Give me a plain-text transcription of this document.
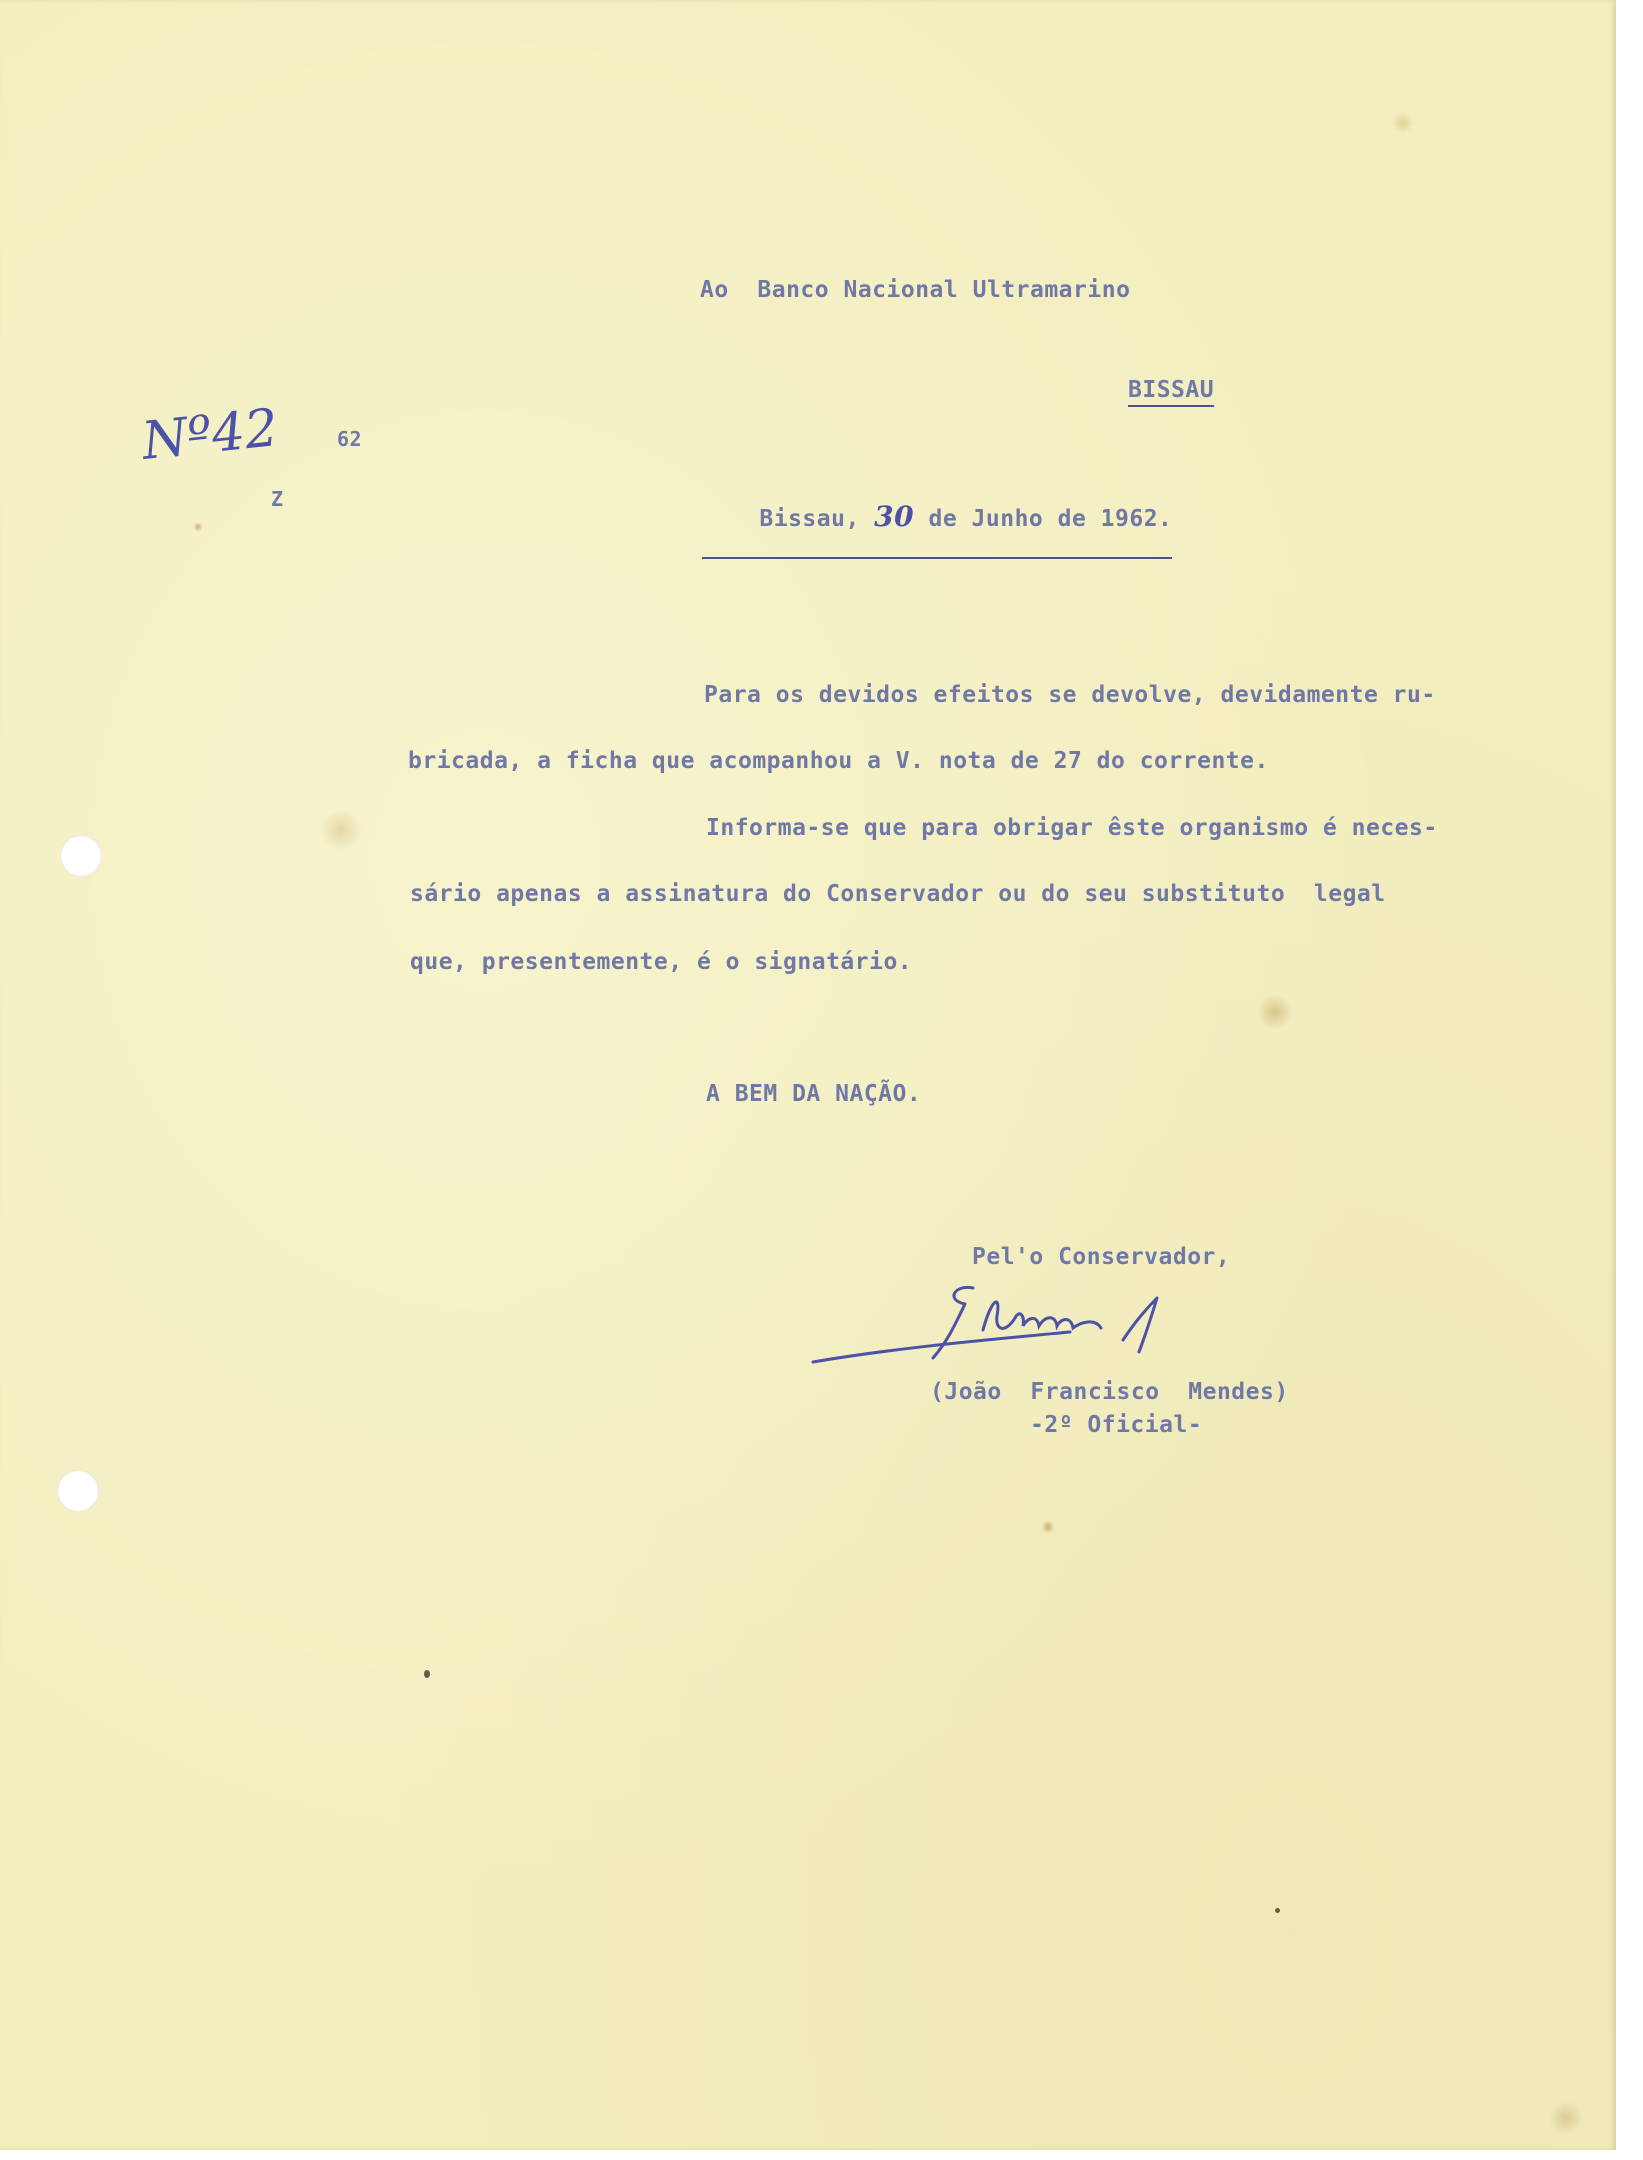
Ao  Banco Nacional Ultramarino
BISSAU
Nº42	62
Z

Bissau, 30 de Junho de 1962.

Para os devidos efeitos se devolve, devidamente ru-
bricada, a ficha que acompanhou a V. nota de 27 do corrente.
Informa-se que para obrigar êste organismo é neces-
sário apenas a assinatura do Conservador ou do seu substituto  legal
que, presentemente, é o signatário.
A BEM DA NAÇÃO.
Pel'o Conservador,
(João  Francisco  Mendes)
-2º Oficial-
